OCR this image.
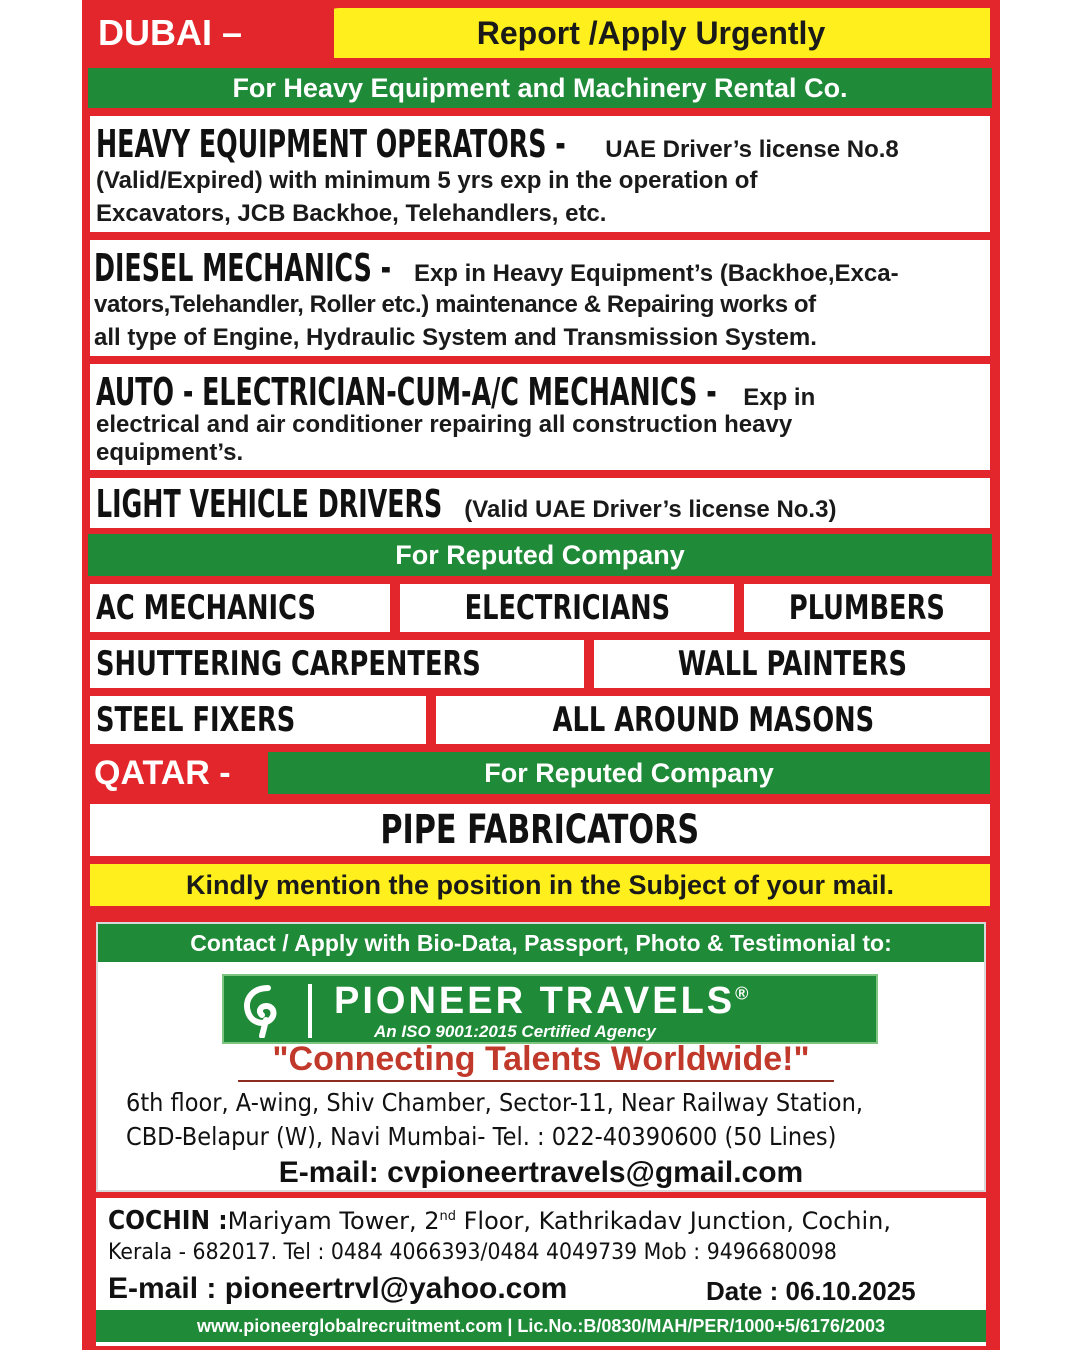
Report /Apply Urgently
DUBAI –
For Heavy Equipment and Machinery Rental Co.
HEAVY EQUIPMENT OPERATORS - UAE Driver’s license No.8
(Valid/Expired) with minimum 5 yrs exp in the operation of
Excavators, JCB Backhoe, Telehandlers, etc.
DIESEL MECHANICS - Exp in Heavy Equipment’s (Backhoe,Exca-
vators,Telehandler, Roller etc.) maintenance & Repairing works of
all type of Engine, Hydraulic System and Transmission System.
AUTO - ELECTRICIAN-CUM-A/C MECHANICS - Exp in
electrical and air conditioner repairing all construction heavy
equipment’s.
LIGHT VEHICLE DRIVERS (Valid UAE Driver’s license No.3)
For Reputed Company
AC MECHANICS	ELECTRICIANS	PLUMBERS
SHUTTERING CARPENTERS	WALL PAINTERS
STEEL FIXERS	ALL AROUND MASONS
QATAR -	For Reputed Company
PIPE FABRICATORS
Kindly mention the position in the Subject of your mail.
Contact / Apply with Bio-Data, Passport, Photo & Testimonial to:
PIONEER TRAVELS®
An ISO 9001:2015 Certified Agency
"Connecting Talents Worldwide!"
6th floor, A-wing, Shiv Chamber, Sector-11, Near Railway Station,
CBD-Belapur (W), Navi Mumbai- Tel. : 022-40390600 (50 Lines)
E-mail: cvpioneertravels@gmail.com
COCHIN :Mariyam Tower, 2nd Floor, Kathrikadav Junction, Cochin,
Kerala - 682017. Tel : 0484 4066393/0484 4049739 Mob : 9496680098
E-mail : pioneertrvl@yahoo.com	Date : 06.10.2025
www.pioneerglobalrecruitment.com | Lic.No.:B/0830/MAH/PER/1000+5/6176/2003
